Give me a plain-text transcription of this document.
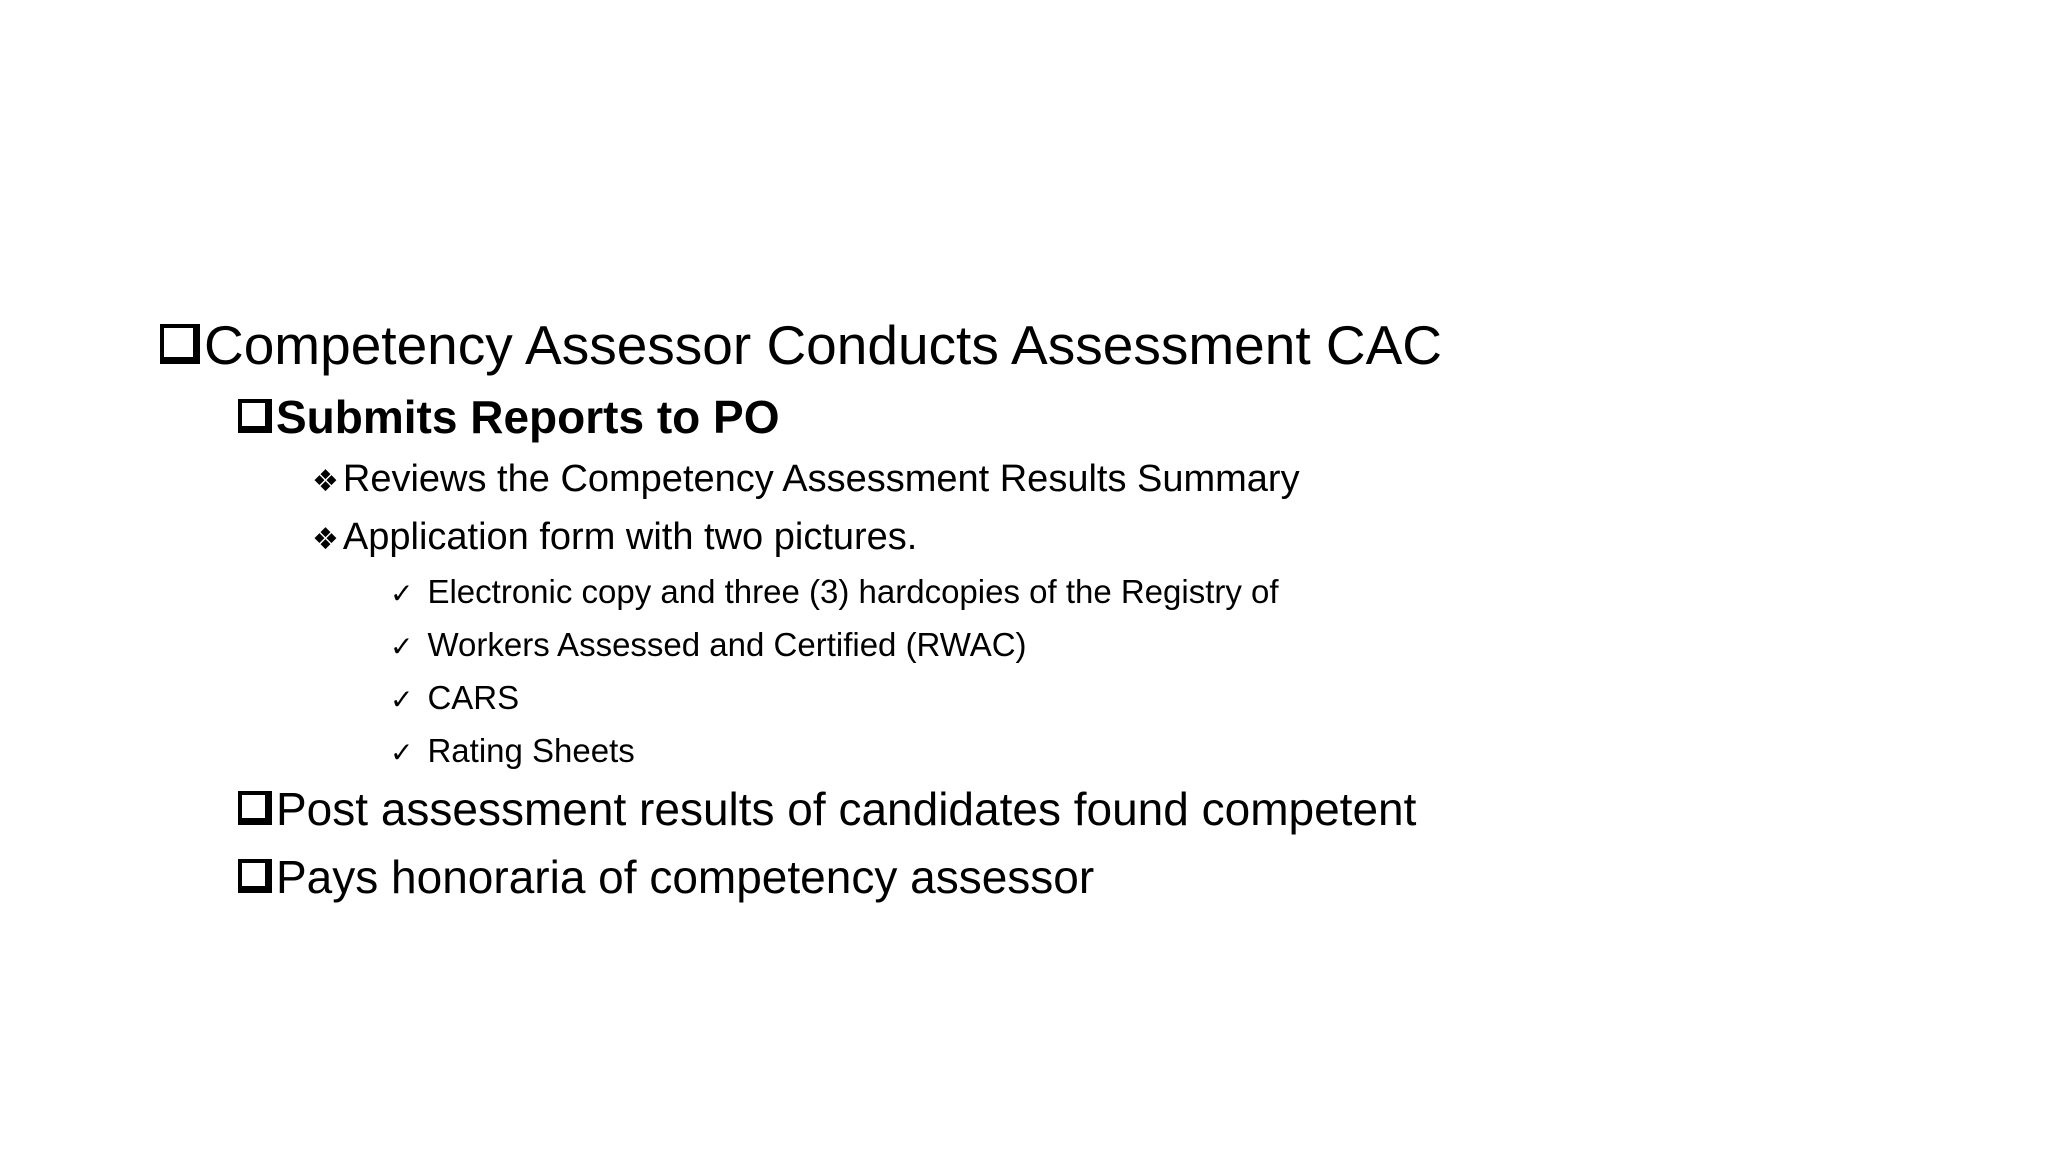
Competency Assessor Conducts Assessment CAC
Submits Reports to PO
❖ Reviews the Competency Assessment Results Summary
❖ Application form with two pictures.
✓ Electronic copy and three (3) hardcopies of the Registry of
✓ Workers Assessed and Certified (RWAC)
✓ CARS
✓ Rating Sheets
Post assessment results of candidates found competent
Pays honoraria of competency assessor
